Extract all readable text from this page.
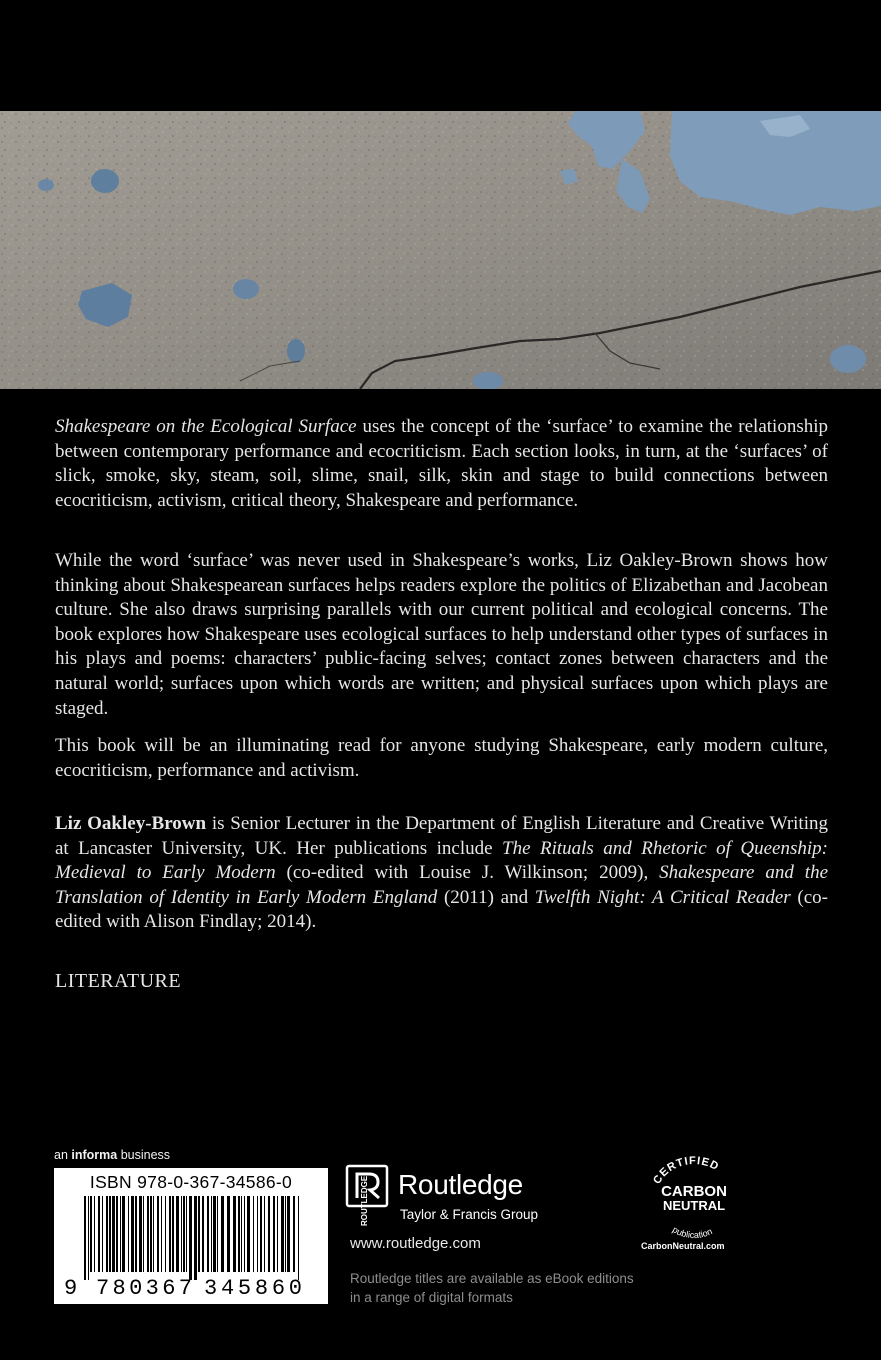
Shakespeare on the Ecological Surface uses the concept of the ‘surface’ to examine the relationship between contemporary performance and ecocriticism. Each section looks, in turn, at the ‘surfaces’ of slick, smoke, sky, steam, soil, slime, snail, silk, skin and stage to build connections between ecocriticism, activism, critical theory, Shakespeare and performance.

While the word ‘surface’ was never used in Shakespeare’s works, Liz Oakley-Brown shows how thinking about Shakespearean surfaces helps readers explore the politics of Elizabethan and Jacobean culture. She also draws surprising parallels with our current political and ecological concerns. The book explores how Shakespeare uses ecological surfaces to help understand other types of surfaces in his plays and poems: characters’ public-facing selves; contact zones between characters and the natural world; surfaces upon which words are written; and physical surfaces upon which plays are staged.

This book will be an illuminating read for anyone studying Shakespeare, early modern culture, ecocriticism, performance and activism.

Liz Oakley-Brown is Senior Lecturer in the Department of English Literature and Creative Writing at Lancaster University, UK. Her publications include The Rituals and Rhetoric of Queenship: Medieval to Early Modern (co-edited with Louise J. Wilkinson; 2009), Shakespeare and the Translation of Identity in Early Modern England (2011) and Twelfth Night: A Critical Reader (co-edited with Alison Findlay; 2014).

LITERATURE
an informa business
9 780367 345860
ISBN 978-0-367-34586-0	ROUTLEDGE Routledge
Taylor & Francis Group
www.routledge.com
Routledge titles are available as eBook editions
in a range of digital formats
CERTIFIED
CARBON
NEUTRAL
publication
CarbonNeutral.com
